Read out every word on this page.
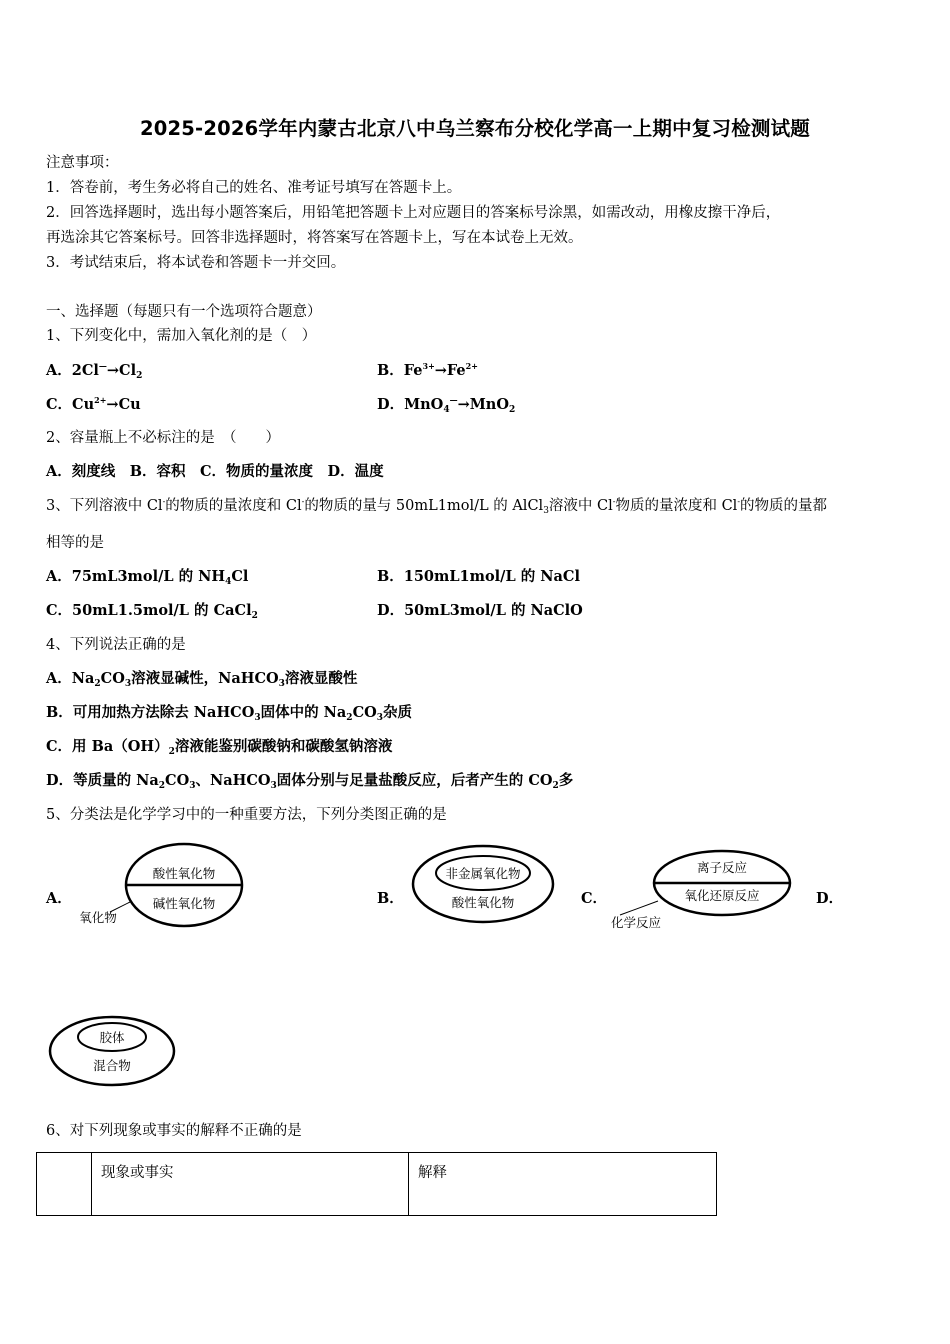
2025-2026学年内蒙古北京八中乌兰察布分校化学高一上期中复习检测试题
注意事项：
1．答卷前，考生务必将自己的姓名、准考证号填写在答题卡上。
2．回答选择题时，选出每小题答案后，用铅笔把答题卡上对应题目的答案标号涂黑，如需改动，用橡皮擦干净后，
再选涂其它答案标号。回答非选择题时，将答案写在答题卡上，写在本试卷上无效。
3．考试结束后，将本试卷和答题卡一并交回。
一、选择题（每题只有一个选项符合题意）
1、下列变化中，需加入氧化剂的是（　）
A．$2Cl^—\to Cl_2$	B．$Fe^{3+}\to Fe^{2+}$
C．$Cu^{2+}\to Cu$	D．MnO$_4$—→MnO$_2$
2、容量瓶上不必标注的是　（　　）
A．刻度线　B．容积　C．物质的量浓度　D．温度
3、下列溶液中 Cl-的物质的量浓度和 Cl-的物质的量与 50mL1mol/L 的 AlCl$_3$溶液中 Cl-物质的量浓度和 Cl-的物质的量都
相等的是
A．75mL3mol/L 的 $NH_4Cl$	B．150mL1mol/L 的 NaCl
C．50mL1.5mol/L 的 CaCl$_2$	D．50mL3mol/L 的 NaClO
4、下列说法正确的是
A．$Na_2CO_3$溶液显碱性，NaHCO$_3$溶液显酸性
B．可用加热方法除去 NaHCO$_3$固体中的 $Na_2CO_3$杂质
C．用 $Ba(OH)_2$溶液能鉴别碳酸钠和碳酸氢钠溶液
D．等质量的 $Na_2CO_3$、NaHCO$_3$固体分别与足量盐酸反应，后者产生的 $CO_2$多
5、分类法是化学学习中的一种重要方法，下列分类图正确的是
A．
酸性氧化物
碱性氧化物
氧化物
B．
非金属氧化物
酸性氧化物	C．
离子反应
氧化还原反应
化学反应
D．
胶体
混合物
6、对下列现象或事实的解释不正确的是
	现象或事实	解释
